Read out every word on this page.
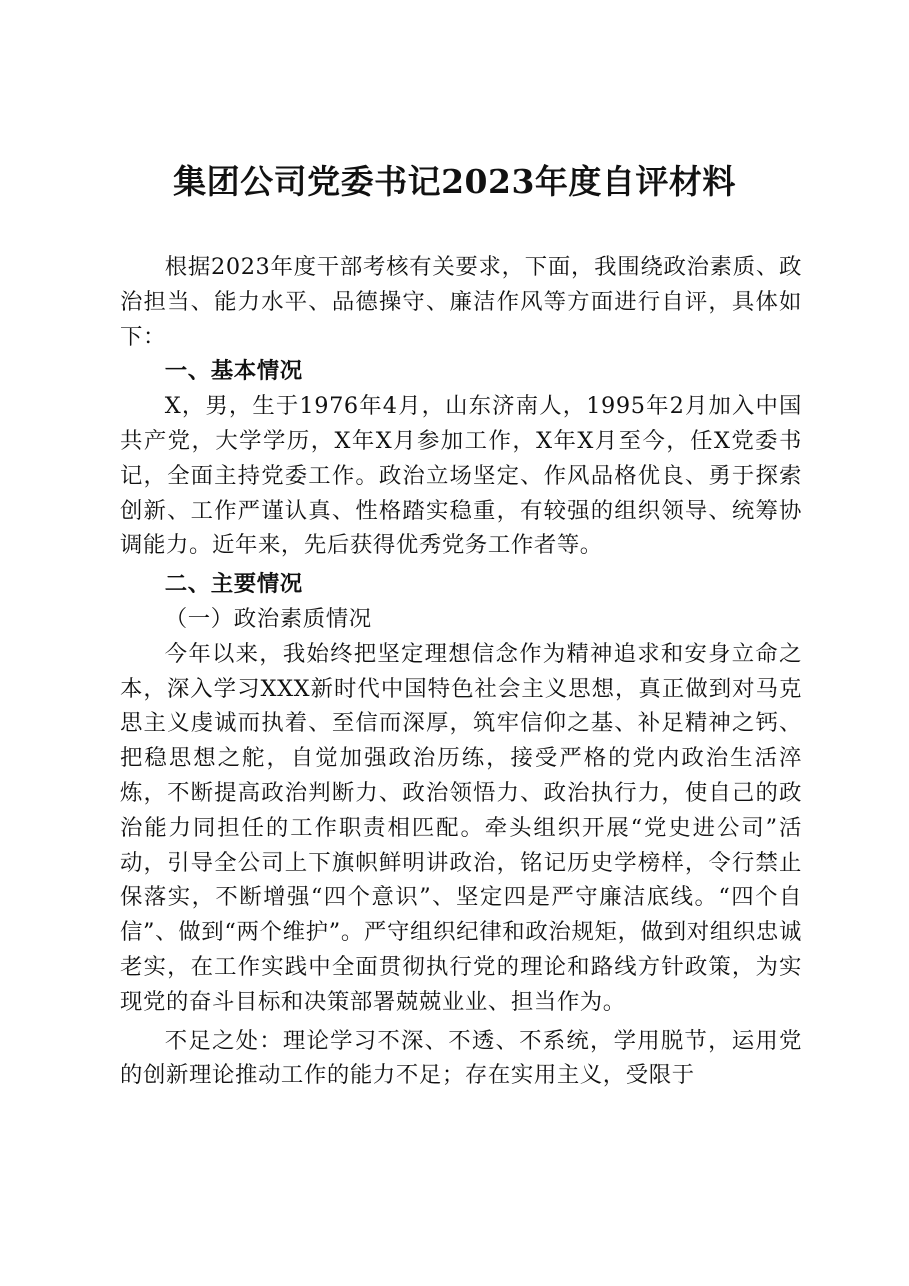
集团公司党委书记2023年度自评材料

根据2023年度干部考核有关要求，下面，我围绕政治素质、政治担当、能力水平、品德操守、廉洁作风等方面进行自评，具体如下：

一、基本情况

X，男，生于1976年4月，山东济南人，1995年2月加入中国共产党，大学学历，X年X月参加工作，X年X月至今，任X党委书记，全面主持党委工作。政治立场坚定、作风品格优良、勇于探索创新、工作严谨认真、性格踏实稳重，有较强的组织领导、统筹协调能力。近年来，先后获得优秀党务工作者等。

二、主要情况

（一）政治素质情况

今年以来，我始终把坚定理想信念作为精神追求和安身立命之本，深入学习XXX新时代中国特色社会主义思想，真正做到对马克思主义虔诚而执着、至信而深厚，筑牢信仰之基、补足精神之钙、把稳思想之舵，自觉加强政治历练，接受严格的党内政治生活淬炼，不断提高政治判断力、政治领悟力、政治执行力，使自己的政治能力同担任的工作职责相匹配。牵头组织开展“党史进公司”活动，引导全公司上下旗帜鲜明讲政治，铭记历史学榜样，令行禁止保落实，不断增强“四个意识”、坚定四是严守廉洁底线。“四个自信”、做到“两个维护”。严守组织纪律和政治规矩，做到对组织忠诚老实，在工作实践中全面贯彻执行党的理论和路线方针政策，为实现党的奋斗目标和决策部署兢兢业业、担当作为。

不足之处：理论学习不深、不透、不系统，学用脱节，运用党的创新理论推动工作的能力不足；存在实用主义，受限于
